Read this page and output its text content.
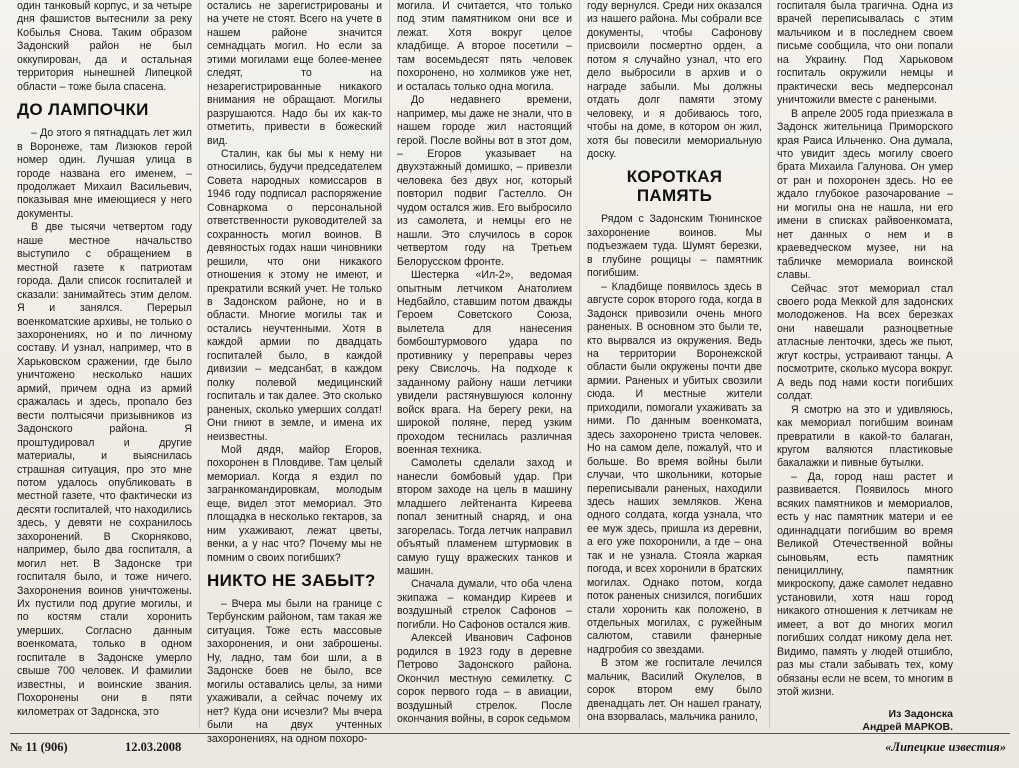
один танковый корпус, и за четыре дня фашистов вытеснили за реку Кобылья Снова. Таким образом Задонский район не был оккупирован, да и остальная территория нынешней Липецкой области – тоже была спасена.

ДО ЛАМПОЧКИ

– До этого я пятнадцать лет жил в Воронеже, там Лизюков герой номер один. Лучшая улица в городе названа его именем, – продолжает Михаил Васильевич, показывая мне имеющиеся у него документы.

В две тысячи четвертом году наше местное начальство выступило с обращением в местной газете к патриотам города. Дали список госпиталей и сказали: занимайтесь этим делом. Я и занялся. Перерыл военкоматские архивы, не только о захоронениях, но и по личному составу. И узнал, например, что в Харьковском сражении, где было уничтожено несколько наших армий, причем одна из армий сражалась и здесь, пропало без вести полтысячи призывников из Задонского района. Я проштудировал и другие материалы, и выяснилась страшная ситуация, про это мне потом удалось опубликовать в местной газете, что фактически из десяти госпиталей, что находились здесь, у девяти не сохранилось захоронений. В Скорняково, например, было два госпиталя, а могил нет. В Задонске три госпиталя было, и тоже ничего. Захоронения воинов уничтожены. Их пустили под другие могилы, и по костям стали хоронить умерших. Согласно данным военкомата, только в одном госпитале в Задонске умерло свыше 700 человек. И фамилии известны, и воинские звания. Похоронены они в пяти километрах от Задонска, это

остались не зарегистрированы и на учете не стоят. Всего на учете в нашем районе значится семнадцать могил. Но если за этими могилами еще более-менее следят, то на незарегистрированные никакого внимания не обращают. Могилы разрушаются. Надо бы их как-то отметить, привести в божеский вид.

Сталин, как бы мы к нему ни относились, будучи председателем Совета народных комиссаров в 1946 году подписал распоряжение Совнаркома о персональной ответственности руководителей за сохранность могил воинов. В девяностых годах наши чиновники решили, что они никакого отношения к этому не имеют, и прекратили всякий учет. Не только в Задонском районе, но и в области. Многие могилы так и остались неучтенными. Хотя в каждой армии по двадцать госпиталей было, в каждой дивизии – медсанбат, в каждом полку полевой медицинский госпиталь и так далее. Это сколько раненых, сколько умерших солдат! Они гниют в земле, и имена их неизвестны.

Мой дядя, майор Егоров, похоронен в Пловдиве. Там целый мемориал. Когда я ездил по загранкомандировкам, молодым еще, видел этот мемориал. Это площадка в несколько гектаров, за ним ухаживают, лежат цветы, венки, а у нас что? Почему мы не помним о своих погибших?

НИКТО НЕ ЗАБЫТ?

– Вчера мы были на границе с Тербунским районом, там такая же ситуация. Тоже есть массовые захоронения, и они заброшены. Ну, ладно, там бои шли, а в Задонске боев не было, все могилы оставались целы, за ними ухаживали, а сейчас почему их нет? Куда они исчезли? Мы вчера были на двух учтенных захоронениях, на одном похоро-

могила. И считается, что только под этим памятником они все и лежат. Хотя вокруг целое кладбище. А второе посетили – там восемьдесят пять человек похоронено, но холмиков уже нет, и осталась только одна могила.

До недавнего времени, например, мы даже не знали, что в нашем городе жил настоящий герой. После войны вот в этот дом, – Егоров указывает на двухэтажный домишко, – привезли человека без двух ног, который повторил подвиг Гастелло. Он чудом остался жив. Его выбросило из самолета, и немцы его не нашли. Это случилось в сорок четвертом году на Третьем Белорусском фронте.

Шестерка «Ил-2», ведомая опытным летчиком Анатолием Недбайло, ставшим потом дважды Героем Советского Союза, вылетела для нанесения бомбоштурмового удара по противнику у переправы через реку Свислочь. На подходе к заданному району наши летчики увидели растянувшуюся колонну войск врага. На берегу реки, на широкой поляне, перед узким проходом теснилась различная военная техника.

Самолеты сделали заход и нанесли бомбовый удар. При втором заходе на цель в машину младшего лейтенанта Киреева попал зенитный снаряд, и она загорелась. Тогда летчик направил объятый пламенем штурмовик в самую гущу вражеских танков и машин.

Сначала думали, что оба члена экипажа – командир Киреев и воздушный стрелок Сафонов – погибли. Но Сафонов остался жив.

Алексей Иванович Сафонов родился в 1923 году в деревне Петрово Задонского района. Окончил местную семилетку. С сорок первого года – в авиации, воздушный стрелок. После окончания войны, в сорок седьмом

году вернулся. Среди них оказался из нашего района. Мы собрали все документы, чтобы Сафонову присвоили посмертно орден, а потом я случайно узнал, что его дело выбросили в архив и о награде забыли. Мы должны отдать долг памяти этому человеку, и я добиваюсь того, чтобы на доме, в котором он жил, хотя бы повесили мемориальную доску.

КОРОТКАЯ ПАМЯТЬ

Рядом с Задонским Тюнинское захоронение воинов. Мы подъезжаем туда. Шумят березки, в глубине рощицы – памятник погибшим.

– Кладбище появилось здесь в августе сорок второго года, когда в Задонск привозили очень много раненых. В основном это были те, кто вырвался из окружения. Ведь на территории Воронежской области были окружены почти две армии. Раненых и убитых свозили сюда. И местные жители приходили, помогали ухаживать за ними. По данным военкомата, здесь захоронено триста человек. Но на самом деле, пожалуй, что и больше. Во время войны были случаи, что школьники, которые переписывали раненых, находили здесь наших земляков. Жена одного солдата, когда узнала, что ее муж здесь, пришла из деревни, а его уже похоронили, а где – она так и не узнала. Стояла жаркая погода, и всех хоронили в братских могилах. Однако потом, когда поток раненых снизился, погибших стали хоронить как положено, в отдельных могилах, с ружейным салютом, ставили фанерные надгробия со звездами.

В этом же госпитале лечился мальчик, Василий Окулелов, в сорок втором ему было двенадцать лет. Он нашел гранату, она взорвалась, мальчика ранило,

госпиталя была трагична. Одна из врачей переписывалась с этим мальчиком и в последнем своем письме сообщила, что они попали на Украину. Под Харьковом госпиталь окружили немцы и практически весь медперсонал уничтожили вместе с ранеными.

В апреле 2005 года приезжала в Задонск жительница Приморского края Раиса Ильченко. Она думала, что увидит здесь могилу своего брата Михаила Галунова. Он умер от ран и похоронен здесь. Но ее ждало глубокое разочарование – ни могилы она не нашла, ни его имени в списках райвоенкомата, нет данных о нем и в краеведческом музее, ни на табличке мемориала воинской славы.

Сейчас этот мемориал стал своего рода Меккой для задонских молодоженов. На всех березках они навешали разноцветные атласные ленточки, здесь же пьют, жгут костры, устраивают танцы. А посмотрите, сколько мусора вокруг. А ведь под нами кости погибших солдат.

Я смотрю на это и удивляюсь, как мемориал погибшим воинам превратили в какой-то балаган, кругом валяются пластиковые бакалажки и пивные бутылки.

– Да, город наш растет и развивается. Появилось много всяких памятников и мемориалов, есть у нас памятник матери и ее одиннадцати погибшим во время Великой Отечественной войны сыновьям, есть памятник пенициллину, памятник микроскопу, даже самолет недавно установили, хотя наш город никакого отношения к летчикам не имеет, а вот до многих могил погибших солдат никому дела нет. Видимо, память у людей отшибло, раз мы стали забывать тех, кому обязаны если не всем, то многим в этой жизни.

Из Задонска
Андрей МАРКОВ.
№ 11 (906)	12.03.2008	«Липецкие известия»
